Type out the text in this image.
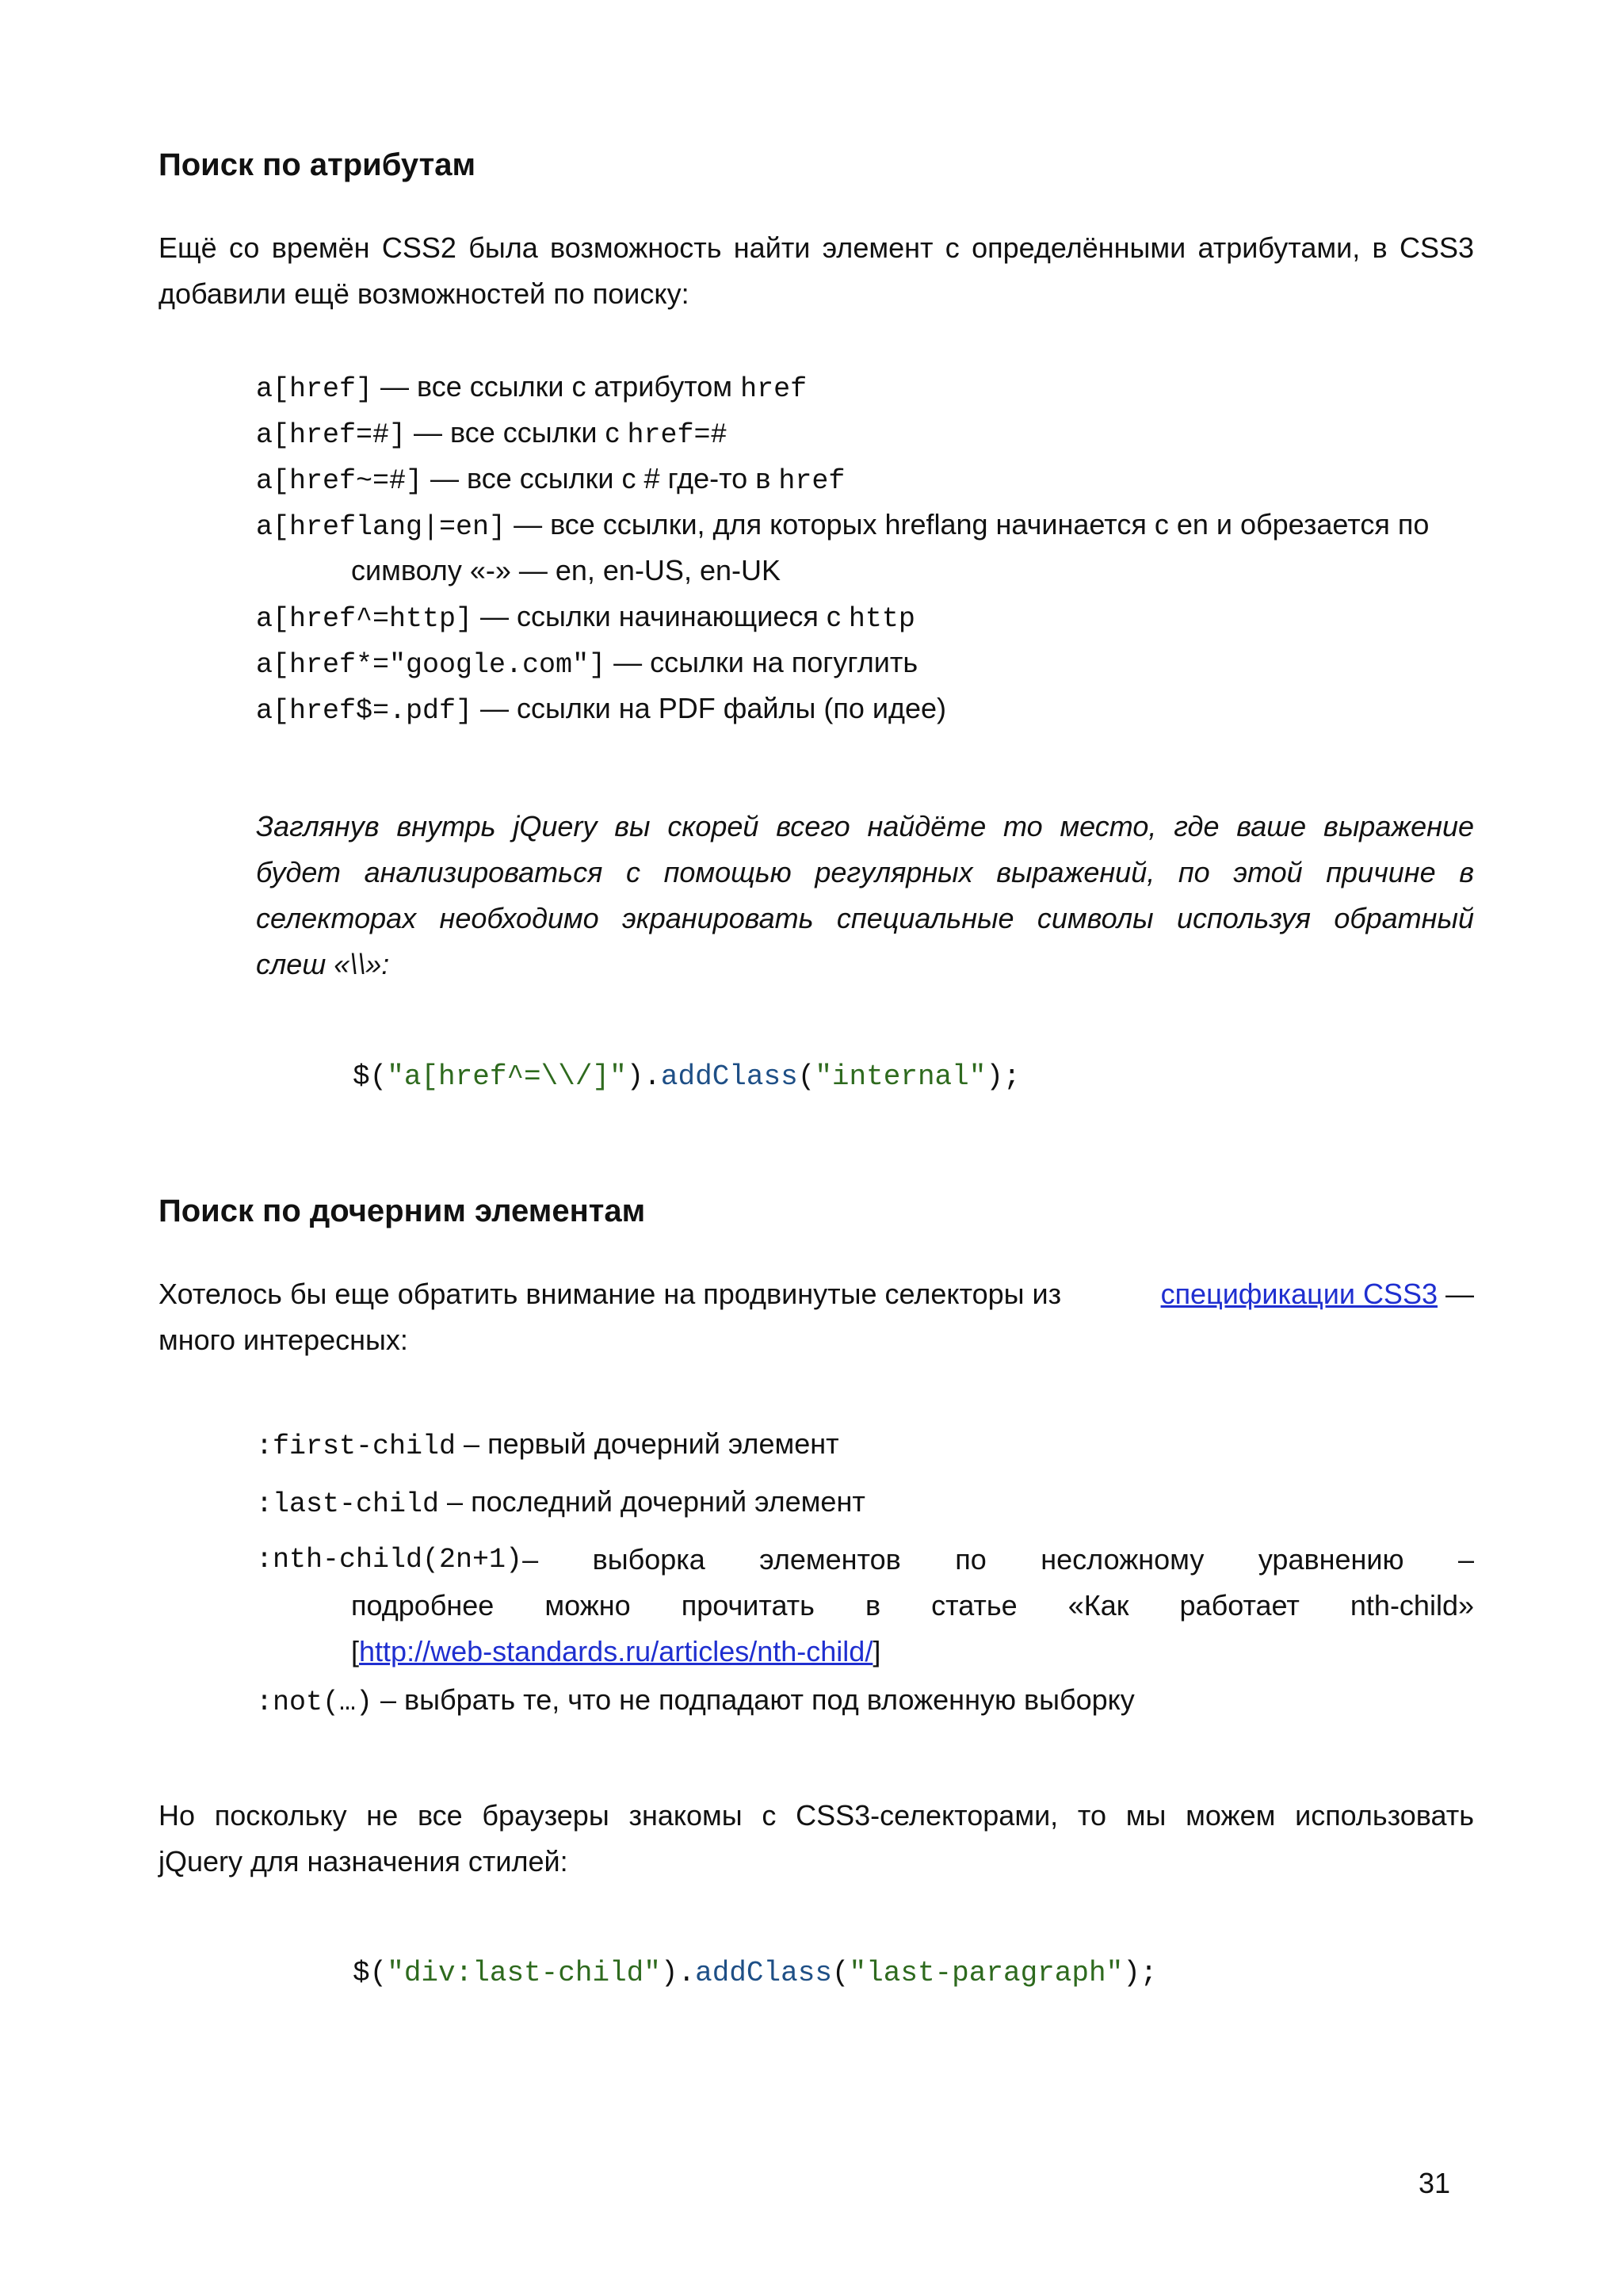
Поиск по атрибутам
Ещё со времён CSS2 была возможность найти элемент с определёнными атрибутами, в CSS3
добавили ещё возможностей по поиску:
a[href] — все ссылки с атрибутом href
a[href=#] — все ссылки с href=#
a[href~=#] — все ссылки с # где-то в href
a[hreflang|=en] — все ссылки, для которых hreflang начинается с en и обрезается по
символу «-» — en, en-US, en-UK
a[href^=http] — ссылки начинающиеся с http
a[href*="google.com"] — ссылки на погуглить
a[href$=.pdf] — ссылки на PDF файлы (по идее)
Заглянув внутрь jQuery вы скорей всего найдёте то место, где ваше выражение
будет анализироваться с помощью регулярных выражений, по этой причине в
селекторах необходимо экранировать специальные символы используя обратный
слеш «\\»:
$("a[href^=\\/]").addClass("internal");
Поиск по дочерним элементам
Хотелось бы еще обратить внимание на продвинутые селекторы из	спецификации CSS3 —
много интересных:
:first-child – первый дочерний элемент
:last-child – последний дочерний элемент
:nth-child(2n+1) – выборка элементов по несложному уравнению –
подробнее можно прочитать в статье «Как работает nth-child»
[http://web-standards.ru/articles/nth-child/]
:not(…) – выбрать те, что не подпадают под вложенную выборку
Но поскольку не все браузеры знакомы с CSS3-селекторами, то мы можем использовать
jQuery для назначения стилей:
$("div:last-child").addClass("last-paragraph");
31
